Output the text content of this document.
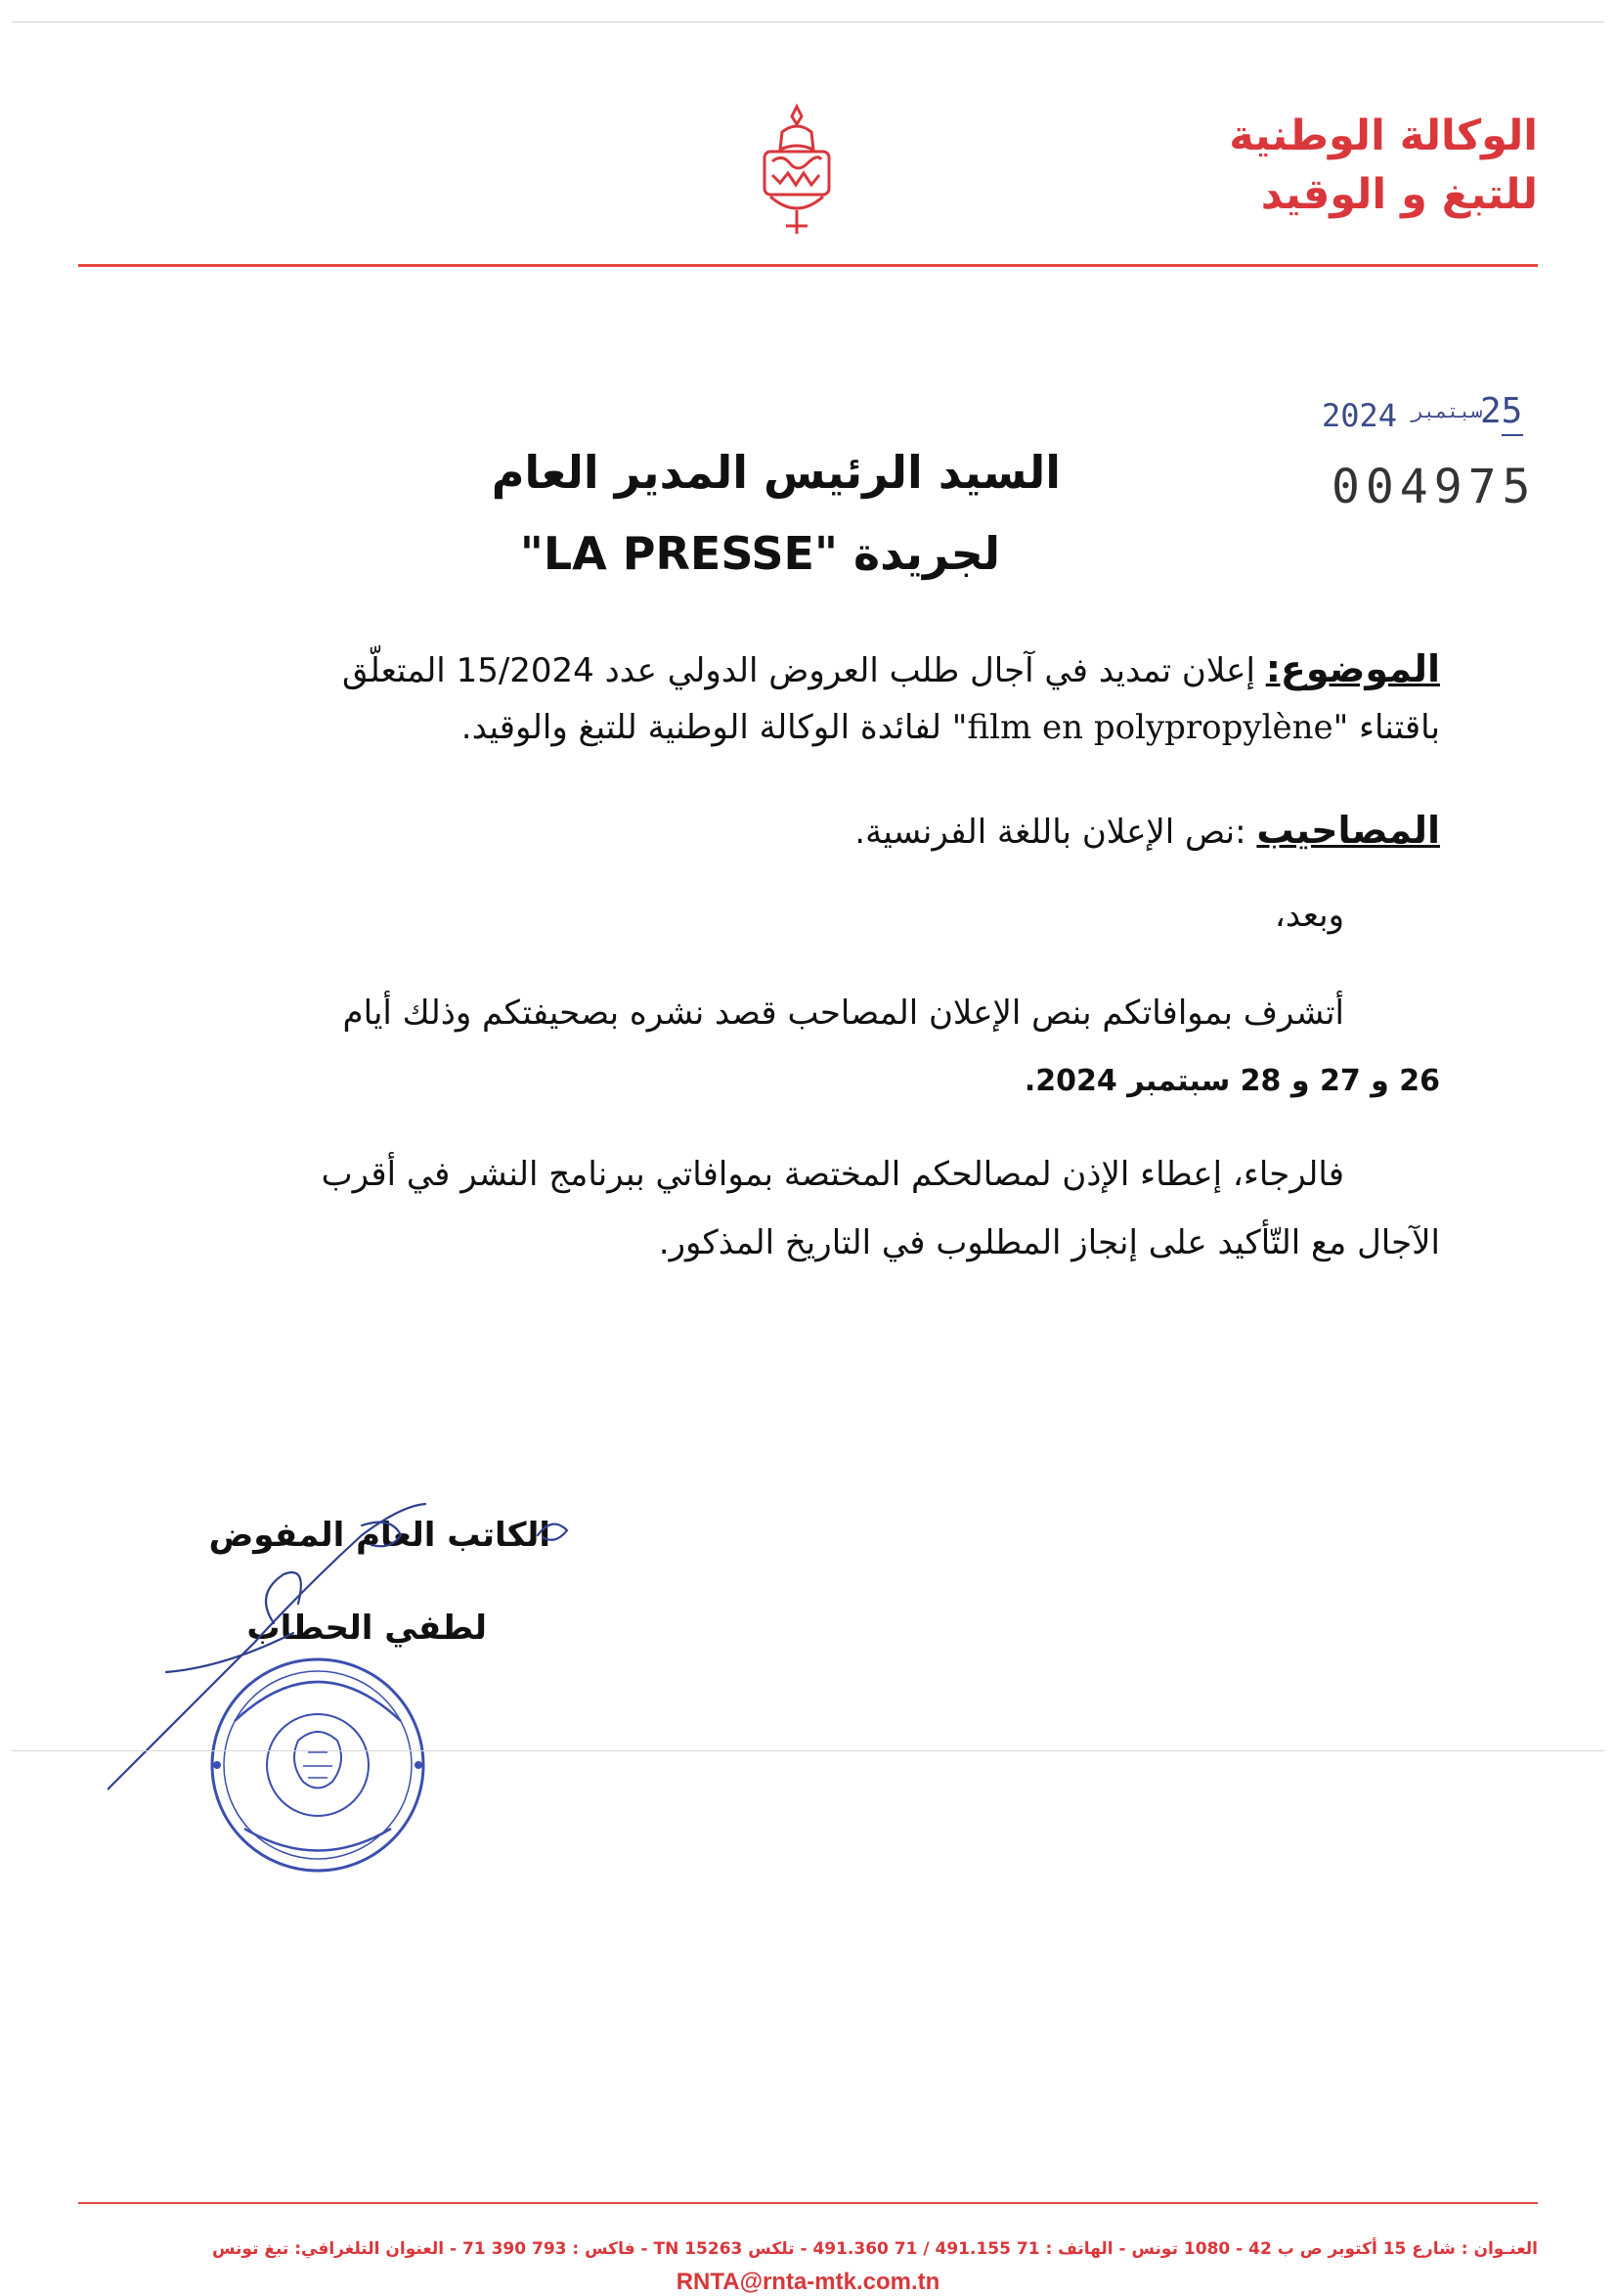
الوكالة الوطنية
للتبغ و الوقيد
2024 سبتمبر
25
004975
السيد الرئيس المدير العام
لجريدة "LA PRESSE"
الموضوع: إعلان تمديد في آجال طلب العروض الدولي عدد 15/2024 المتعلّق
باقتناء "film en polypropylène" لفائدة الوكالة الوطنية للتبغ والوقيد.
المصاحيب :نص الإعلان باللغة الفرنسية.
وبعد،
أتشرف بموافاتكم بنص الإعلان المصاحب قصد نشره بصحيفتكم وذلك أيام
26 و 27 و 28 سبتمبر 2024.
فالرجاء، إعطاء الإذن لمصالحكم المختصة بموافاتي ببرنامج النشر في أقرب
الآجال مع التّأكيد على إنجاز المطلوب في التاريخ المذكور.
الكاتب العام المفوض
لطفي الحطاب
العنـوان : شارع 15 أكتوبر ص ب 42 - 1080 تونس - الهاتف : 71 491.155 / 71 491.360 - تلكس TN 15263 - فاكس : 793 390 71 - العنوان التلغرافي: تبغ تونس
RNTA@rnta-mtk.com.tn
